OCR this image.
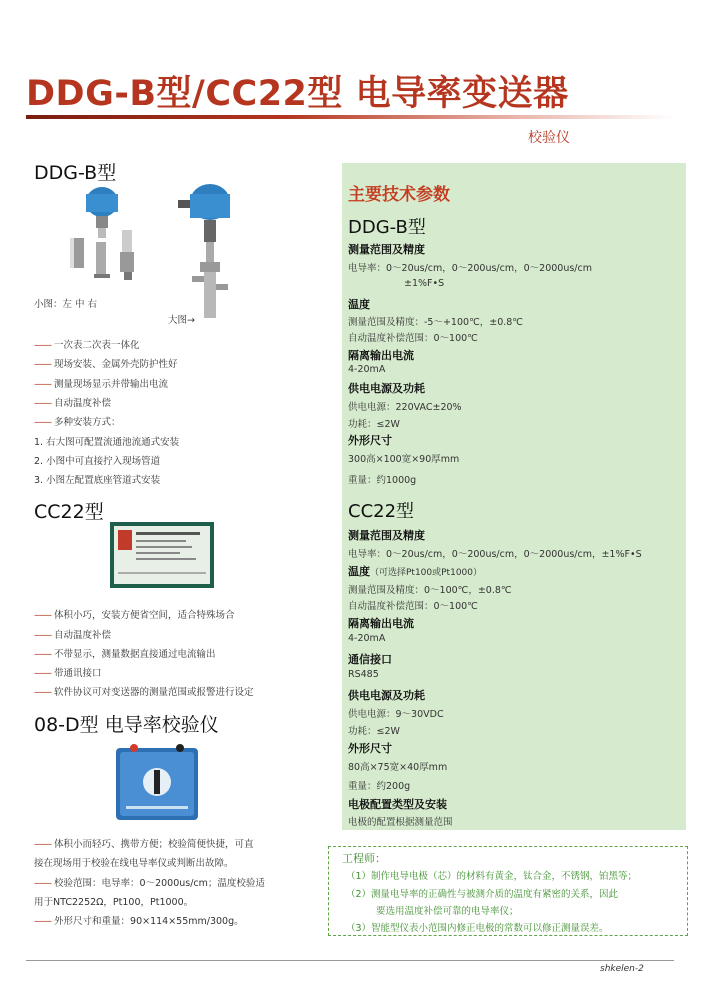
DDG-B型/CC22型 电导率变送器
校验仪
DDG-B型
小图：左 中 右
大图→
—— 一次表二次表一体化
—— 现场安装、金属外壳防护性好
—— 测量现场显示并带输出电流
—— 自动温度补偿
—— 多种安装方式：
1. 右大图可配置流通池流通式安装
2. 小图中可直接拧入现场管道
3. 小图左配置底座管道式安装
CC22型
—— 体积小巧，安装方便省空间，适合特殊场合
—— 自动温度补偿
—— 不带显示，测量数据直接通过电流输出
—— 带通讯接口
—— 软件协议可对变送器的测量范围或报警进行设定
08-D型 电导率校验仪
—— 体积小而轻巧、携带方便；校验简便快捷，可直
接在现场用于校验在线电导率仪或判断出故障。
—— 校验范围：电导率：0～2000us/cm；温度校验适
用于NTC2252Ω，Pt100，Pt1000。
—— 外形尺寸和重量：90×114×55mm/300g。
主要技术参数
DDG-B型
测量范围及精度
电导率：0～20us/cm，0～200us/cm，0～2000us/cm
±1%F•S
温度
测量范围及精度：-5～+100℃，±0.8℃
自动温度补偿范围：0～100℃
隔离输出电流
4-20mA
供电电源及功耗
供电电源：220VAC±20%
功耗：≤2W
外形尺寸
300高×100宽×90厚mm
重量：约1000g
CC22型
测量范围及精度
电导率：0～20us/cm，0～200us/cm，0～2000us/cm，±1%F•S
温度（可选择Pt100或Pt1000）
测量范围及精度：0～100℃，±0.8℃
自动温度补偿范围：0～100℃
隔离输出电流
4-20mA
通信接口
RS485
供电电源及功耗
供电电源：9～30VDC
功耗：≤2W
外形尺寸
80高×75宽×40厚mm
重量：约200g
电极配置类型及安装
电极的配置根据测量范围
工程师：
（1）制作电导电极（芯）的材料有黄金，钛合金，不锈钢，铂黑等；
（2）测量电导率的正确性与被测介质的温度有紧密的关系，因此
要选用温度补偿可靠的电导率仪；
（3）智能型仪表小范围内修正电极的常数可以修正测量误差。
shkelen-2
